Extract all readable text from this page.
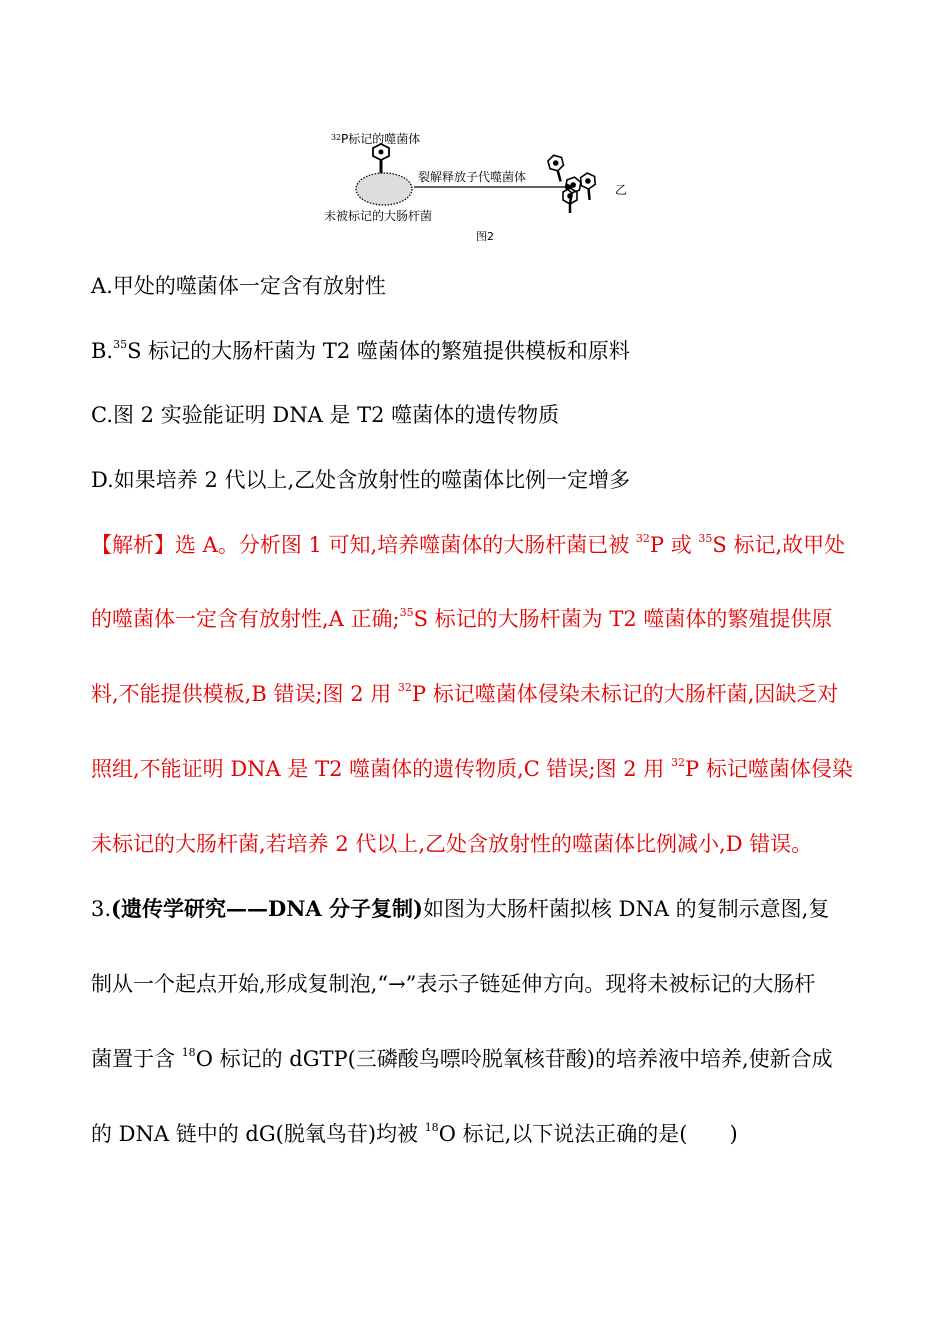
32 P标记的噬菌体
裂解释放子代噬菌体
乙
未被标记的大肠杆菌
图2
A.甲处的噬菌体一定含有放射性
B.$^{35}$S 标记的大肠杆菌为 T2 噬菌体的繁殖提供模板和原料
C.图 2 实验能证明 DNA 是 T2 噬菌体的遗传物质
D.如果培养 2 代以上,乙处含放射性的噬菌体比例一定增多
【解析】选 A。分析图 1 可知,培养噬菌体的大肠杆菌已被 $^{32}$P 或 $^{35}$S 标记,故甲处
的噬菌体一定含有放射性,A 正确;$^{35}$S 标记的大肠杆菌为 T2 噬菌体的繁殖提供原
料,不能提供模板,B 错误;图 2 用 $^{32}$P 标记噬菌体侵染未标记的大肠杆菌,因缺乏对
照组,不能证明 DNA 是 T2 噬菌体的遗传物质,C 错误;图 2 用 $^{32}$P 标记噬菌体侵染
未标记的大肠杆菌,若培养 2 代以上,乙处含放射性的噬菌体比例减小,D 错误。
3.(遗传学研究——DNA 分子复制)如图为大肠杆菌拟核 DNA 的复制示意图,复
制从一个起点开始,形成复制泡,“→”表示子链延伸方向。现将未被标记的大肠杆
菌置于含 $^{18}$O 标记的 dGTP(三磷酸鸟嘌呤脱氧核苷酸)的培养液中培养,使新合成
的 DNA 链中的 dG(脱氧鸟苷)均被 $^{18}$O 标记,以下说法正确的是(　　)
